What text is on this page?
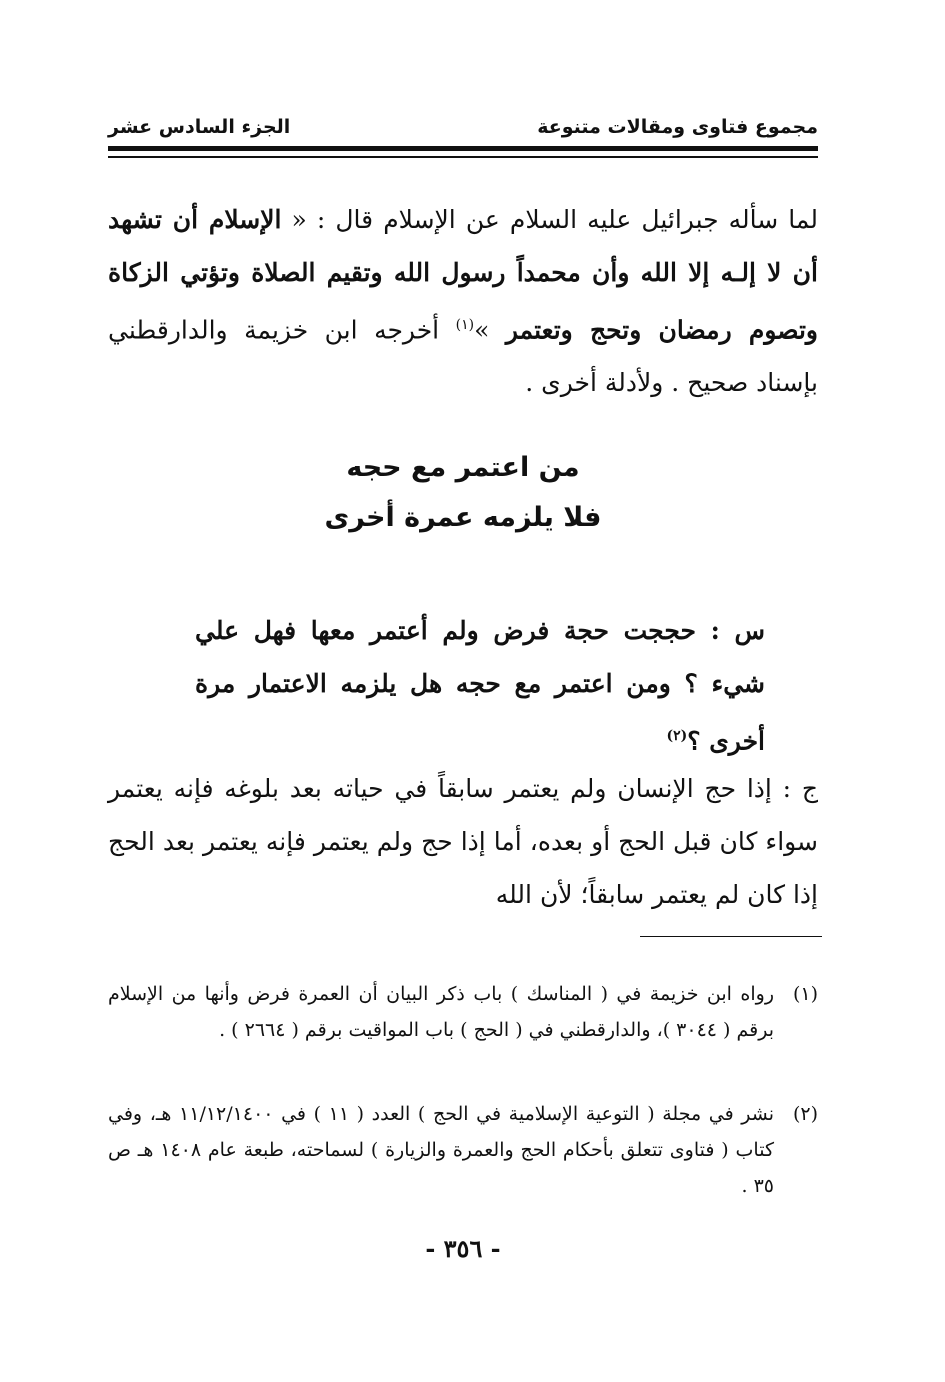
مجموع فتاوى ومقالات متنوعة
الجزء السادس عشر
لما سأله جبرائيل عليه السلام عن الإسلام قال : « الإسلام أن تشهد أن لا إلـه إلا الله وأن محمداً رسول الله وتقيم الصلاة وتؤتي الزكاة وتصوم رمضان وتحج وتعتمر »$^{(١)}$ أخرجه ابن خزيمة والدارقطني بإسناد صحيح . ولأدلة أخرى .
من اعتمر مع حجه
فلا يلزمه عمرة أخرى
س : حججت حجة فرض ولم أعتمر معها فهل علي شيء ؟ ومن اعتمر مع حجه هل يلزمه الاعتمار مرة أخرى ؟$^{(٢)}$
ج : إذا حج الإنسان ولم يعتمر سابقاً في حياته بعد بلوغه فإنه يعتمر سواء كان قبل الحج أو بعده، أما إذا حج ولم يعتمر فإنه يعتمر بعد الحج إذا كان لم يعتمر سابقاً؛ لأن الله
(١)
رواه ابن خزيمة في ( المناسك ) باب ذكر البيان أن العمرة فرض وأنها من الإسلام برقم ( ٣٠٤٤ )، والدارقطني في ( الحج ) باب المواقيت برقم ( ٢٦٦٤ ) .
(٢)
نشر في مجلة ( التوعية الإسلامية في الحج ) العدد ( ١١ ) في ١١/١٢/١٤٠٠ هـ، وفي كتاب ( فتاوى تتعلق بأحكام الحج والعمرة والزيارة ) لسماحته، طبعة عام ١٤٠٨ هـ ص ٣٥ .
- ٣٥٦ -
